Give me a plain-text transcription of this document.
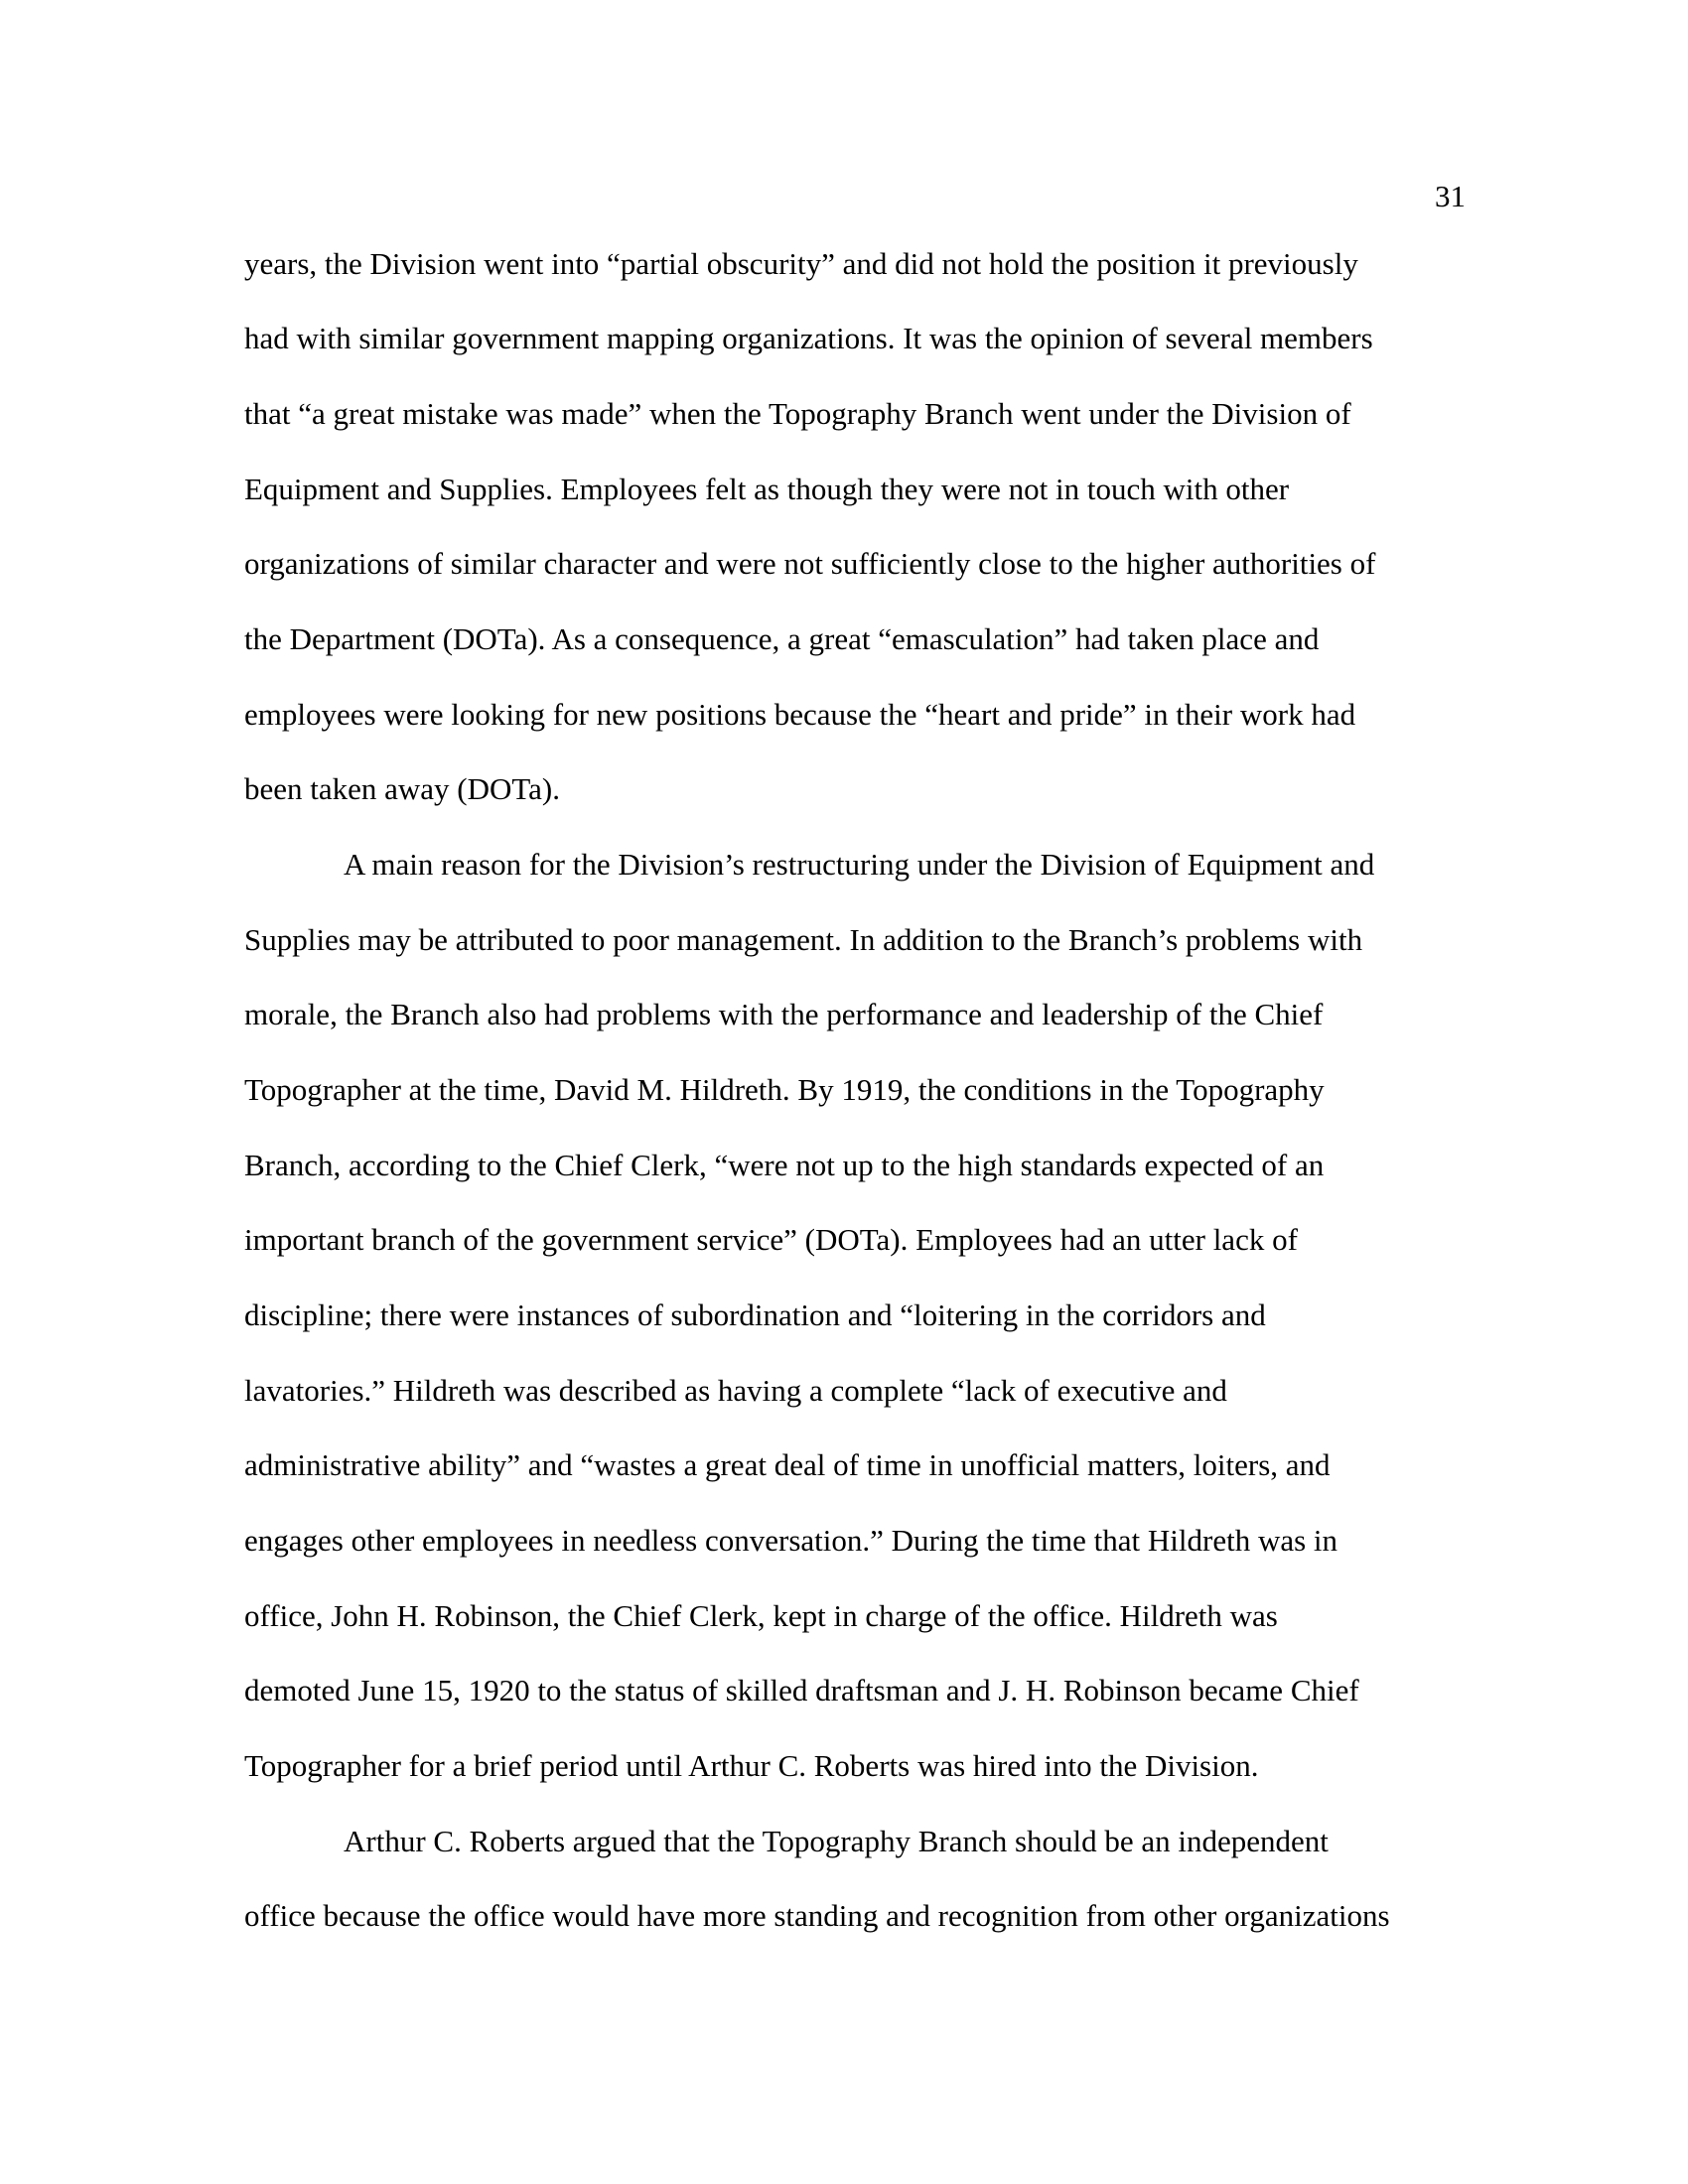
31
years, the Division went into “partial obscurity” and did not hold the position it previously
had with similar government mapping organizations. It was the opinion of several members
that “a great mistake was made” when the Topography Branch went under the Division of
Equipment and Supplies. Employees felt as though they were not in touch with other
organizations of similar character and were not sufficiently close to the higher authorities of
the Department (DOTa). As a consequence, a great “emasculation” had taken place and
employees were looking for new positions because the “heart and pride” in their work had
been taken away (DOTa).
A main reason for the Division’s restructuring under the Division of Equipment and
Supplies may be attributed to poor management. In addition to the Branch’s problems with
morale, the Branch also had problems with the performance and leadership of the Chief
Topographer at the time, David M. Hildreth. By 1919, the conditions in the Topography
Branch, according to the Chief Clerk, “were not up to the high standards expected of an
important branch of the government service” (DOTa). Employees had an utter lack of
discipline; there were instances of subordination and “loitering in the corridors and
lavatories.” Hildreth was described as having a complete “lack of executive and
administrative ability” and “wastes a great deal of time in unofficial matters, loiters, and
engages other employees in needless conversation.” During the time that Hildreth was in
office, John H. Robinson, the Chief Clerk, kept in charge of the office. Hildreth was
demoted June 15, 1920 to the status of skilled draftsman and J. H. Robinson became Chief
Topographer for a brief period until Arthur C. Roberts was hired into the Division.
Arthur C. Roberts argued that the Topography Branch should be an independent
office because the office would have more standing and recognition from other organizations
